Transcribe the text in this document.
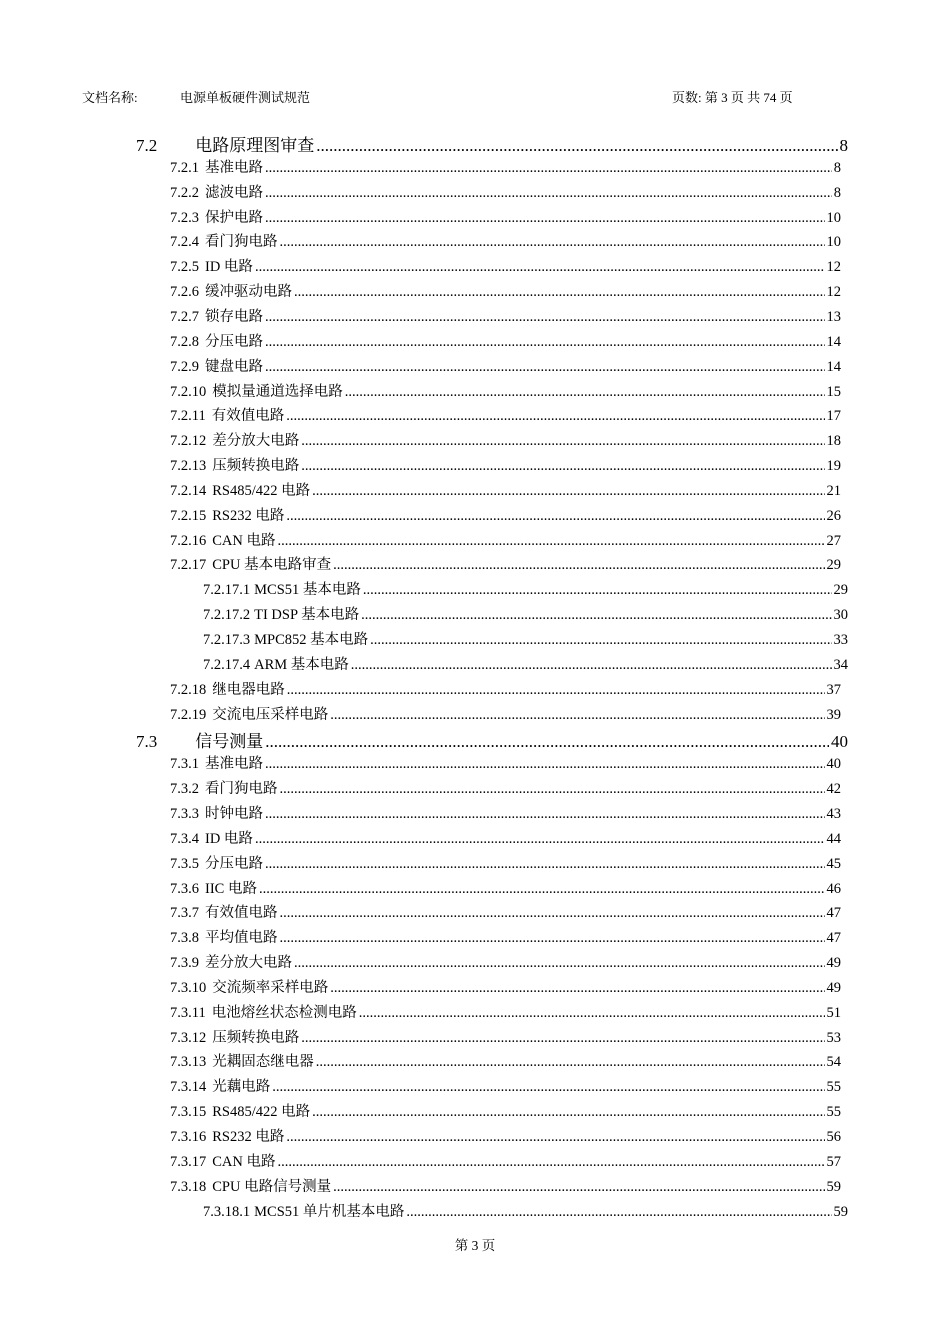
文档名称:	电源单板硬件测试规范	页数: 第 3 页 共 74 页
7.2 电路原理图审查 .....	8
7.2.1 基准电路 .....	8
7.2.2 滤波电路 .....	8
7.2.3 保护电路 .....	10
7.2.4 看门狗电路 .....	10
7.2.5 ID 电路 .....	12
7.2.6 缓冲驱动电路 .....	12
7.2.7 锁存电路 .....	13
7.2.8 分压电路 .....	14
7.2.9 键盘电路 .....	14
7.2.10 模拟量通道选择电路 .....	15
7.2.11 有效值电路 .....	17
7.2.12 差分放大电路 .....	18
7.2.13 压频转换电路 .....	19
7.2.14 RS485/422 电路 .....	21
7.2.15 RS232 电路 .....	26
7.2.16 CAN 电路 .....	27
7.2.17 CPU 基本电路审查 .....	29
7.2.17.1 MCS51 基本电路 .....	29
7.2.17.2 TI DSP 基本电路 .....	30
7.2.17.3 MPC852 基本电路 .....	33
7.2.17.4 ARM 基本电路 .....	34
7.2.18 继电器电路 .....	37
7.2.19 交流电压采样电路 .....	39
7.3 信号测量 .....	40
7.3.1 基准电路 .....	40
7.3.2 看门狗电路 .....	42
7.3.3 时钟电路 .....	43
7.3.4 ID 电路 .....	44
7.3.5 分压电路 .....	45
7.3.6 IIC 电路 .....	46
7.3.7 有效值电路 .....	47
7.3.8 平均值电路 .....	47
7.3.9 差分放大电路 .....	49
7.3.10 交流频率采样电路 .....	49
7.3.11 电池熔丝状态检测电路 .....	51
7.3.12 压频转换电路 .....	53
7.3.13 光耦固态继电器 .....	54
7.3.14 光藕电路 .....	55
7.3.15 RS485/422 电路 .....	55
7.3.16 RS232 电路 .....	56
7.3.17 CAN 电路 .....	57
7.3.18 CPU 电路信号测量 .....	59
7.3.18.1 MCS51 单片机基本电路 .....	59
第 3 页
